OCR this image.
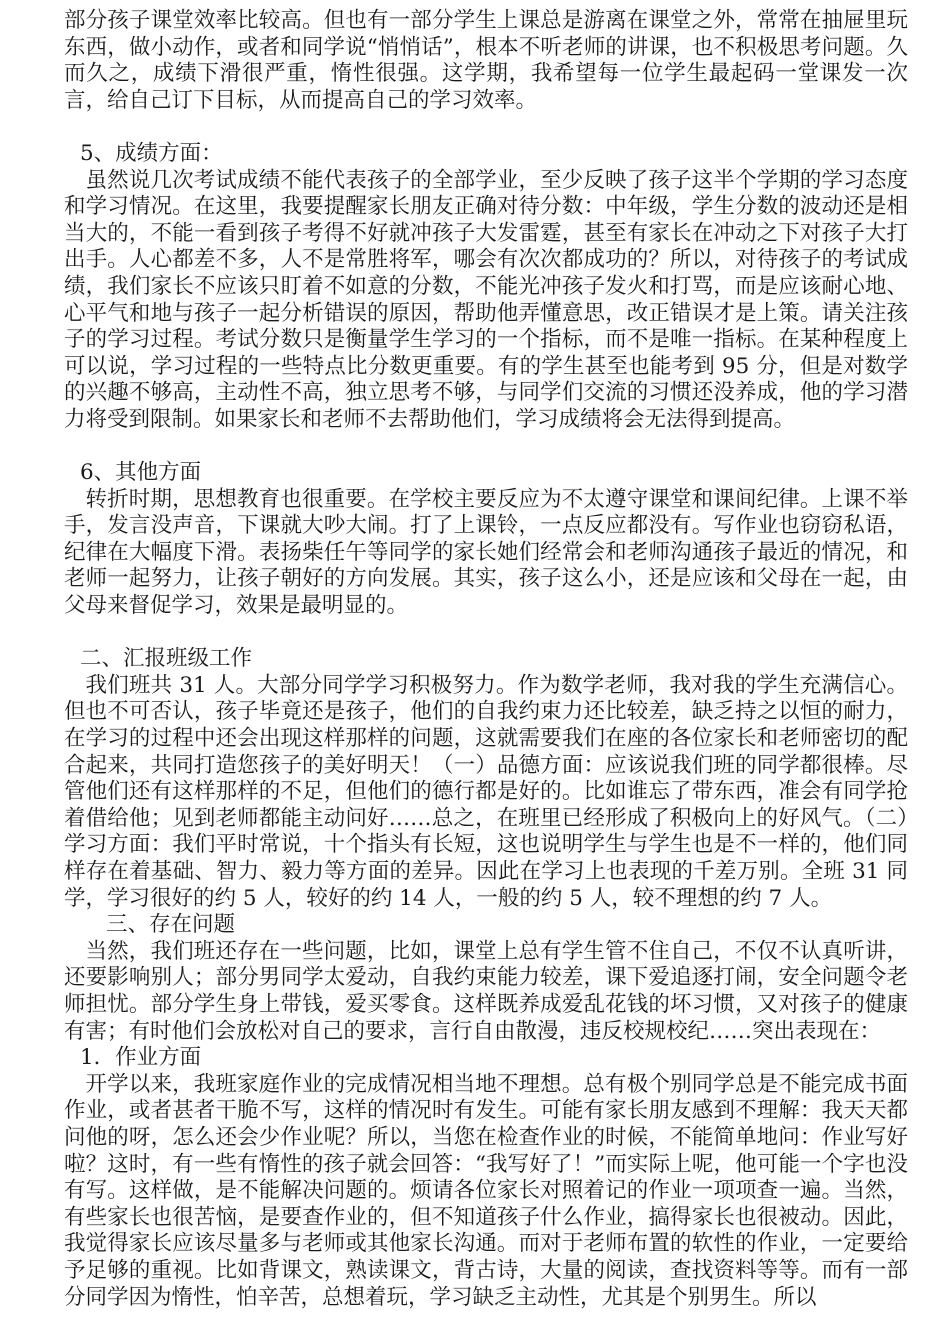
部分孩子课堂效率比较高。但也有一部分学生上课总是游离在课堂之外，常常在抽屉里玩东西，做小动作，或者和同学说“悄悄话”，根本不听老师的讲课，也不积极思考问题。久而久之，成绩下滑很严重，惰性很强。这学期，我希望每一位学生最起码一堂课发一次言，给自己订下目标，从而提高自己的学习效率。

5、成绩方面：

虽然说几次考试成绩不能代表孩子的全部学业，至少反映了孩子这半个学期的学习态度和学习情况。在这里，我要提醒家长朋友正确对待分数：中年级，学生分数的波动还是相当大的，不能一看到孩子考得不好就冲孩子大发雷霆，甚至有家长在冲动之下对孩子大打出手。人心都差不多，人不是常胜将军，哪会有次次都成功的？所以，对待孩子的考试成绩，我们家长不应该只盯着不如意的分数，不能光冲孩子发火和打骂，而是应该耐心地、心平气和地与孩子一起分析错误的原因，帮助他弄懂意思，改正错误才是上策。请关注孩子的学习过程。考试分数只是衡量学生学习的一个指标，而不是唯一指标。在某种程度上可以说，学习过程的一些特点比分数更重要。有的学生甚至也能考到 95 分，但是对数学的兴趣不够高，主动性不高，独立思考不够，与同学们交流的习惯还没养成，他的学习潜力将受到限制。如果家长和老师不去帮助他们，学习成绩将会无法得到提高。

6、其他方面

转折时期，思想教育也很重要。在学校主要反应为不太遵守课堂和课间纪律。上课不举手，发言没声音，下课就大吵大闹。打了上课铃，一点反应都没有。写作业也窃窃私语，纪律在大幅度下滑。表扬柴任午等同学的家长她们经常会和老师沟通孩子最近的情况，和老师一起努力，让孩子朝好的方向发展。其实，孩子这么小，还是应该和父母在一起，由父母来督促学习，效果是最明显的。

二、汇报班级工作

我们班共 31 人。大部分同学学习积极努力。作为数学老师，我对我的学生充满信心。但也不可否认，孩子毕竟还是孩子，他们的自我约束力还比较差，缺乏持之以恒的耐力，在学习的过程中还会出现这样那样的问题，这就需要我们在座的各位家长和老师密切的配合起来，共同打造您孩子的美好明天！（一）品德方面：应该说我们班的同学都很棒。尽管他们还有这样那样的不足，但他们的德行都是好的。比如谁忘了带东西，准会有同学抢着借给他；见到老师都能主动问好……总之，在班里已经形成了积极向上的好风气。（二）学习方面：我们平时常说，十个指头有长短，这也说明学生与学生也是不一样的，他们同样存在着基础、智力、毅力等方面的差异。因此在学习上也表现的千差万别。全班 31 同学，学习很好的约 5 人，较好的约 14 人，一般的约 5 人，较不理想的约 7 人。

三、存在问题

当然，我们班还存在一些问题，比如，课堂上总有学生管不住自己，不仅不认真听讲，还要影响别人；部分男同学太爱动，自我约束能力较差，课下爱追逐打闹，安全问题令老师担忧。部分学生身上带钱，爱买零食。这样既养成爱乱花钱的坏习惯，又对孩子的健康有害；有时他们会放松对自己的要求，言行自由散漫，违反校规校纪……突出表现在：

1．作业方面

开学以来，我班家庭作业的完成情况相当地不理想。总有极个别同学总是不能完成书面作业，或者甚者干脆不写，这样的情况时有发生。可能有家长朋友感到不理解：我天天都问他的呀，怎么还会少作业呢？所以，当您在检查作业的时候，不能简单地问：作业写好啦？这时，有一些有惰性的孩子就会回答：“我写好了！”而实际上呢，他可能一个字也没有写。这样做，是不能解决问题的。烦请各位家长对照着记的作业一项项查一遍。当然，有些家长也很苦恼，是要查作业的，但不知道孩子什么作业，搞得家长也很被动。因此，我觉得家长应该尽量多与老师或其他家长沟通。而对于老师布置的软性的作业，一定要给予足够的重视。比如背课文，熟读课文，背古诗，大量的阅读，查找资料等等。而有一部分同学因为惰性，怕辛苦，总想着玩，学习缺乏主动性，尤其是个别男生。所以
